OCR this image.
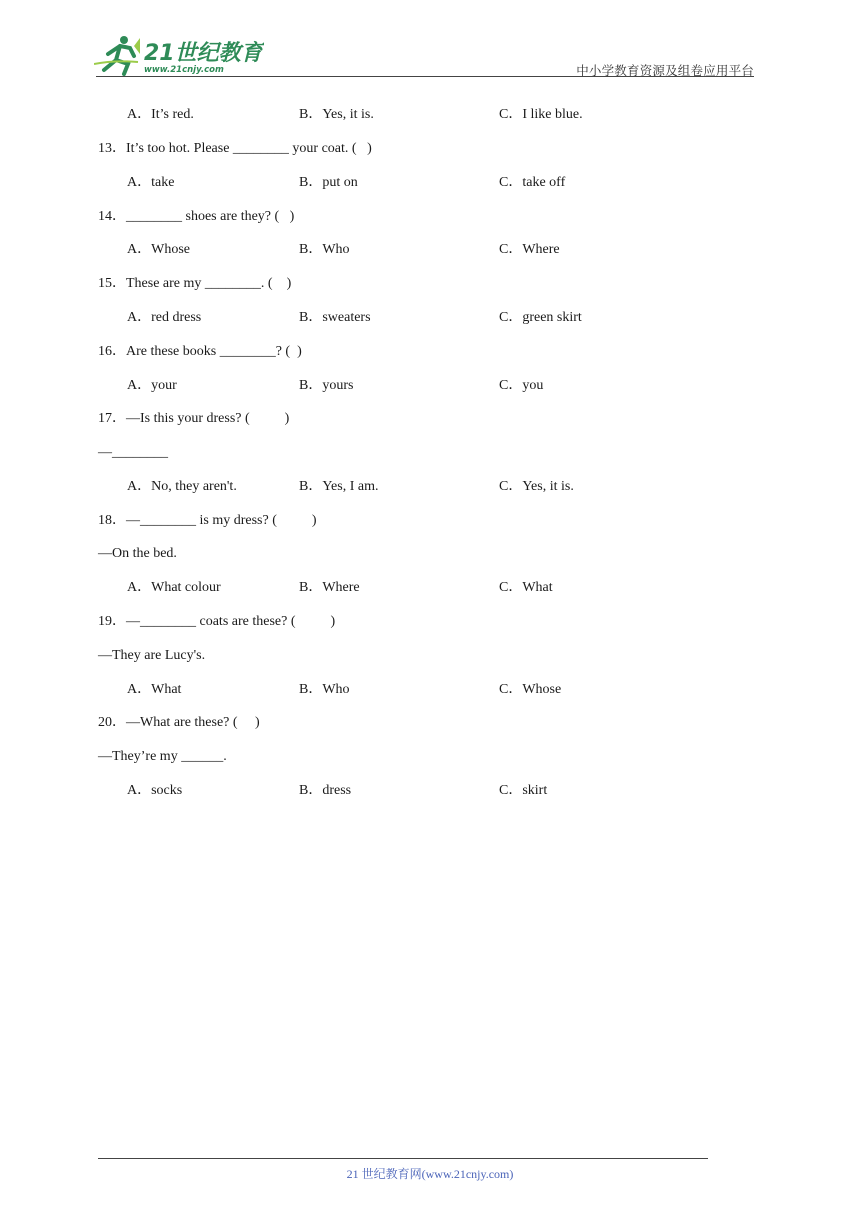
21世纪教育
www.21cnjy.com	中小学教育资源及组卷应用平台
A．It’s red.	B．Yes, it is.	C．I like blue.
13．It’s too hot. Please ________ your coat. (   )
A．take	B．put on	C．take off
14．________ shoes are they? (   )
A．Whose	B．Who	C．Where
15．These are my ________. (    )
A．red dress	B．sweaters	C．green skirt
16．Are these books ________? (  )
A．your	B．yours	C．you
17．—Is this your dress? (          )
—________
A．No, they aren't.	B．Yes, I am.	C．Yes, it is.
18．—________ is my dress? (          )
—On the bed.
A．What colour	B．Where	C．What
19．—________ coats are these? (          )
—They are Lucy's.
A．What	B．Who	C．Whose
20．—What are these? (     )
—They’re my ______.
A．socks	B．dress	C．skirt
21 世纪教育网(www.21cnjy.com)
